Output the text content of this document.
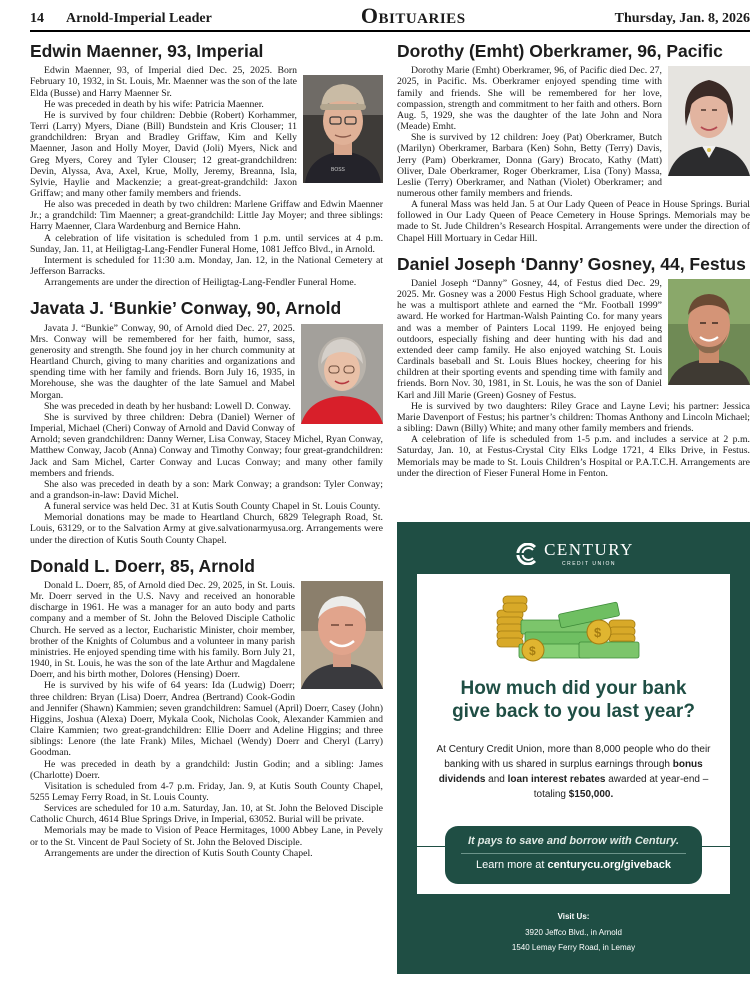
14 Arnold-Imperial Leader	Obituaries	Thursday, Jan. 8, 2026
Edwin Maenner, 93, Imperial
BOSS

Edwin Maenner, 93, of Imperial died Dec. 25, 2025. Born February 10, 1932, in St. Louis, Mr. Maenner was the son of the late Elda (Busse) and Harry Maenner Sr.

He was preceded in death by his wife: Patricia Maenner.

He is survived by four children: Debbie (Robert) Korhammer, Terri (Larry) Myers, Diane (Bill) Bundstein and Kris Clouser; 11 grandchildren: Bryan and Bradley Griffaw, Kim and Kelly Maenner, Jason and Holly Moyer, David (Joli) Myers, Nick and Greg Myers, Corey and Tyler Clouser; 12 great-grandchildren: Devin, Alyssa, Ava, Axel, Krue, Molly, Jeremy, Breanna, Isla, Sylvie, Haylie and Mackenzie; a great-great-grandchild: Jaxon Griffaw; and many other family members and friends.

He also was preceded in death by two children: Marlene Griffaw and Edwin Maenner Jr.; a grandchild: Tim Maenner; a great-grandchild: Little Jay Moyer; and three siblings: Harry Maenner, Clara Wardenburg and Bernice Hahn.

A celebration of life visitation is scheduled from 1 p.m. until services at 4 p.m. Sunday, Jan. 11, at Heiligtag-Lang-Fendler Funeral Home, 1081 Jeffco Blvd., in Arnold.

Interment is scheduled for 11:30 a.m. Monday, Jan. 12, in the National Cemetery at Jefferson Barracks.

Arrangements are under the direction of Heiligtag-Lang-Fendler Funeral Home.

Javata J. ‘Bunkie’ Conway, 90, Arnold

Javata J. “Bunkie” Conway, 90, of Arnold died Dec. 27, 2025. Mrs. Conway will be remembered for her faith, humor, sass, generosity and strength. She found joy in her church community at Heartland Church, giving to many charities and organizations and spending time with her family and friends. Born July 16, 1935, in Morehouse, she was the daughter of the late Samuel and Mabel Morgan.

She was preceded in death by her husband: Lowell D. Conway.

She is survived by three children: Debra (Daniel) Werner of Imperial, Michael (Cheri) Conway of Arnold and David Conway of Arnold; seven grandchildren: Danny Werner, Lisa Conway, Stacey Michel, Ryan Conway, Matthew Conway, Jacob (Anna) Conway and Timothy Conway; four great-grandchildren: Jack and Sam Michel, Carter Conway and Lucas Conway; and many other family members and friends.

She also was preceded in death by a son: Mark Conway; a grandson: Tyler Conway; and a grandson-in-law: David Michel.

A funeral service was held Dec. 31 at Kutis South County Chapel in St. Louis County.

Memorial donations may be made to Heartland Church, 6829 Telegraph Road, St. Louis, 63129, or to the Salvation Army at give.salvationarmyusa.org. Arrangements were under the direction of Kutis South County Chapel.

Donald L. Doerr, 85, Arnold

Donald L. Doerr, 85, of Arnold died Dec. 29, 2025, in St. Louis. Mr. Doerr served in the U.S. Navy and received an honorable discharge in 1961. He was a manager for an auto body and parts company and a member of St. John the Beloved Disciple Catholic Church. He served as a lector, Eucharistic Minister, choir member, brother of the Knights of Columbus and a volunteer in many parish ministries. He enjoyed spending time with his family. Born July 21, 1940, in St. Louis, he was the son of the late Arthur and Magdalene Doerr, and his birth mother, Dolores (Hensing) Doerr.

He is survived by his wife of 64 years: Ida (Ludwig) Doerr; three children: Bryan (Lisa) Doerr, Andrea (Bertrand) Cook-Godin and Jennifer (Shawn) Kammien; seven grandchildren: Samuel (April) Doerr, Casey (John) Higgins, Joshua (Alexa) Doerr, Mykala Cook, Nicholas Cook, Alexander Kammien and Claire Kammien; two great-grandchildren: Ellie Doerr and Adeline Higgins; and three siblings: Lenore (the late Frank) Miles, Michael (Wendy) Doerr and Cheryl (Larry) Goodman.

He was preceded in death by a grandchild: Justin Godin; and a sibling: James (Charlotte) Doerr.

Visitation is scheduled from 4-7 p.m. Friday, Jan. 9, at Kutis South County Chapel, 5255 Lemay Ferry Road, in St. Louis County.

Services are scheduled for 10 a.m. Saturday, Jan. 10, at St. John the Beloved Disciple Catholic Church, 4614 Blue Springs Drive, in Imperial, 63052. Burial will be private.

Memorials may be made to Vision of Peace Hermitages, 1000 Abbey Lane, in Pevely or to the St. Vincent de Paul Society of St. John the Beloved Disciple.

Arrangements are under the direction of Kutis South County Chapel.

Dorothy (Emht) Oberkramer, 96, Pacific

Dorothy Marie (Emht) Oberkramer, 96, of Pacific died Dec. 27, 2025, in Pacific. Ms. Oberkramer enjoyed spending time with family and friends. She will be remembered for her love, compassion, strength and commitment to her faith and others. Born Aug. 5, 1929, she was the daughter of the late John and Nora (Meade) Emht.

She is survived by 12 children: Joey (Pat) Oberkramer, Butch (Marilyn) Oberkramer, Barbara (Ken) Sohn, Betty (Terry) Davis, Jerry (Pam) Oberkramer, Donna (Gary) Brocato, Kathy (Matt) Oliver, Dale Oberkramer, Roger Oberkramer, Lisa (Tony) Massa, Leslie (Terry) Oberkramer, and Nathan (Violet) Oberkramer; and numerous other family members and friends.

A funeral Mass was held Jan. 5 at Our Lady Queen of Peace in House Springs. Burial followed in Our Lady Queen of Peace Cemetery in House Springs. Memorials may be made to St. Jude Children’s Research Hospital. Arrangements were under the direction of Chapel Hill Mortuary in Cedar Hill.

Daniel Joseph ‘Danny’ Gosney, 44, Festus

Daniel Joseph “Danny” Gosney, 44, of Festus died Dec. 29, 2025. Mr. Gosney was a 2000 Festus High School graduate, where he was a multisport athlete and earned the “Mr. Football 1999” award. He worked for Hartman-Walsh Painting Co. for many years and was a member of Painters Local 1199. He enjoyed being outdoors, especially fishing and deer hunting with his dad and extended deer camp family. He also enjoyed watching St. Louis Cardinals baseball and St. Louis Blues hockey, cheering for his children at their sporting events and spending time with family and friends. Born Nov. 30, 1981, in St. Louis, he was the son of Daniel Karl and Jill Marie (Green) Gosney of Festus.

He is survived by two daughters: Riley Grace and Layne Levi; his partner: Jessica Marie Davenport of Festus; his partner’s children: Thomas Anthony and Lincoln Michael; a sibling: Dawn (Billy) White; and many other family members and friends.

A celebration of life is scheduled from 1-5 p.m. and includes a service at 2 p.m. Saturday, Jan. 10, at Festus-Crystal City Elks Lodge 1721, 4 Elks Drive, in Festus. Memorials may be made to St. Louis Children’s Hospital or P.A.T.C.H. Arrangements are under the direction of Fieser Funeral Home in Fenton.

CENTURY
CREDIT UNION
$
$
How much did your bank
give back to you last year?
At Century Credit Union, more than 8,000 people who do their banking with us shared in surplus earnings through bonus dividends and loan interest rebates awarded at year-end – totaling $150,000.
It pays to save and borrow with Century.
Learn more at centurycu.org/giveback
Visit Us:
3920 Jeffco Blvd., in Arnold
1540 Lemay Ferry Road, in Lemay
